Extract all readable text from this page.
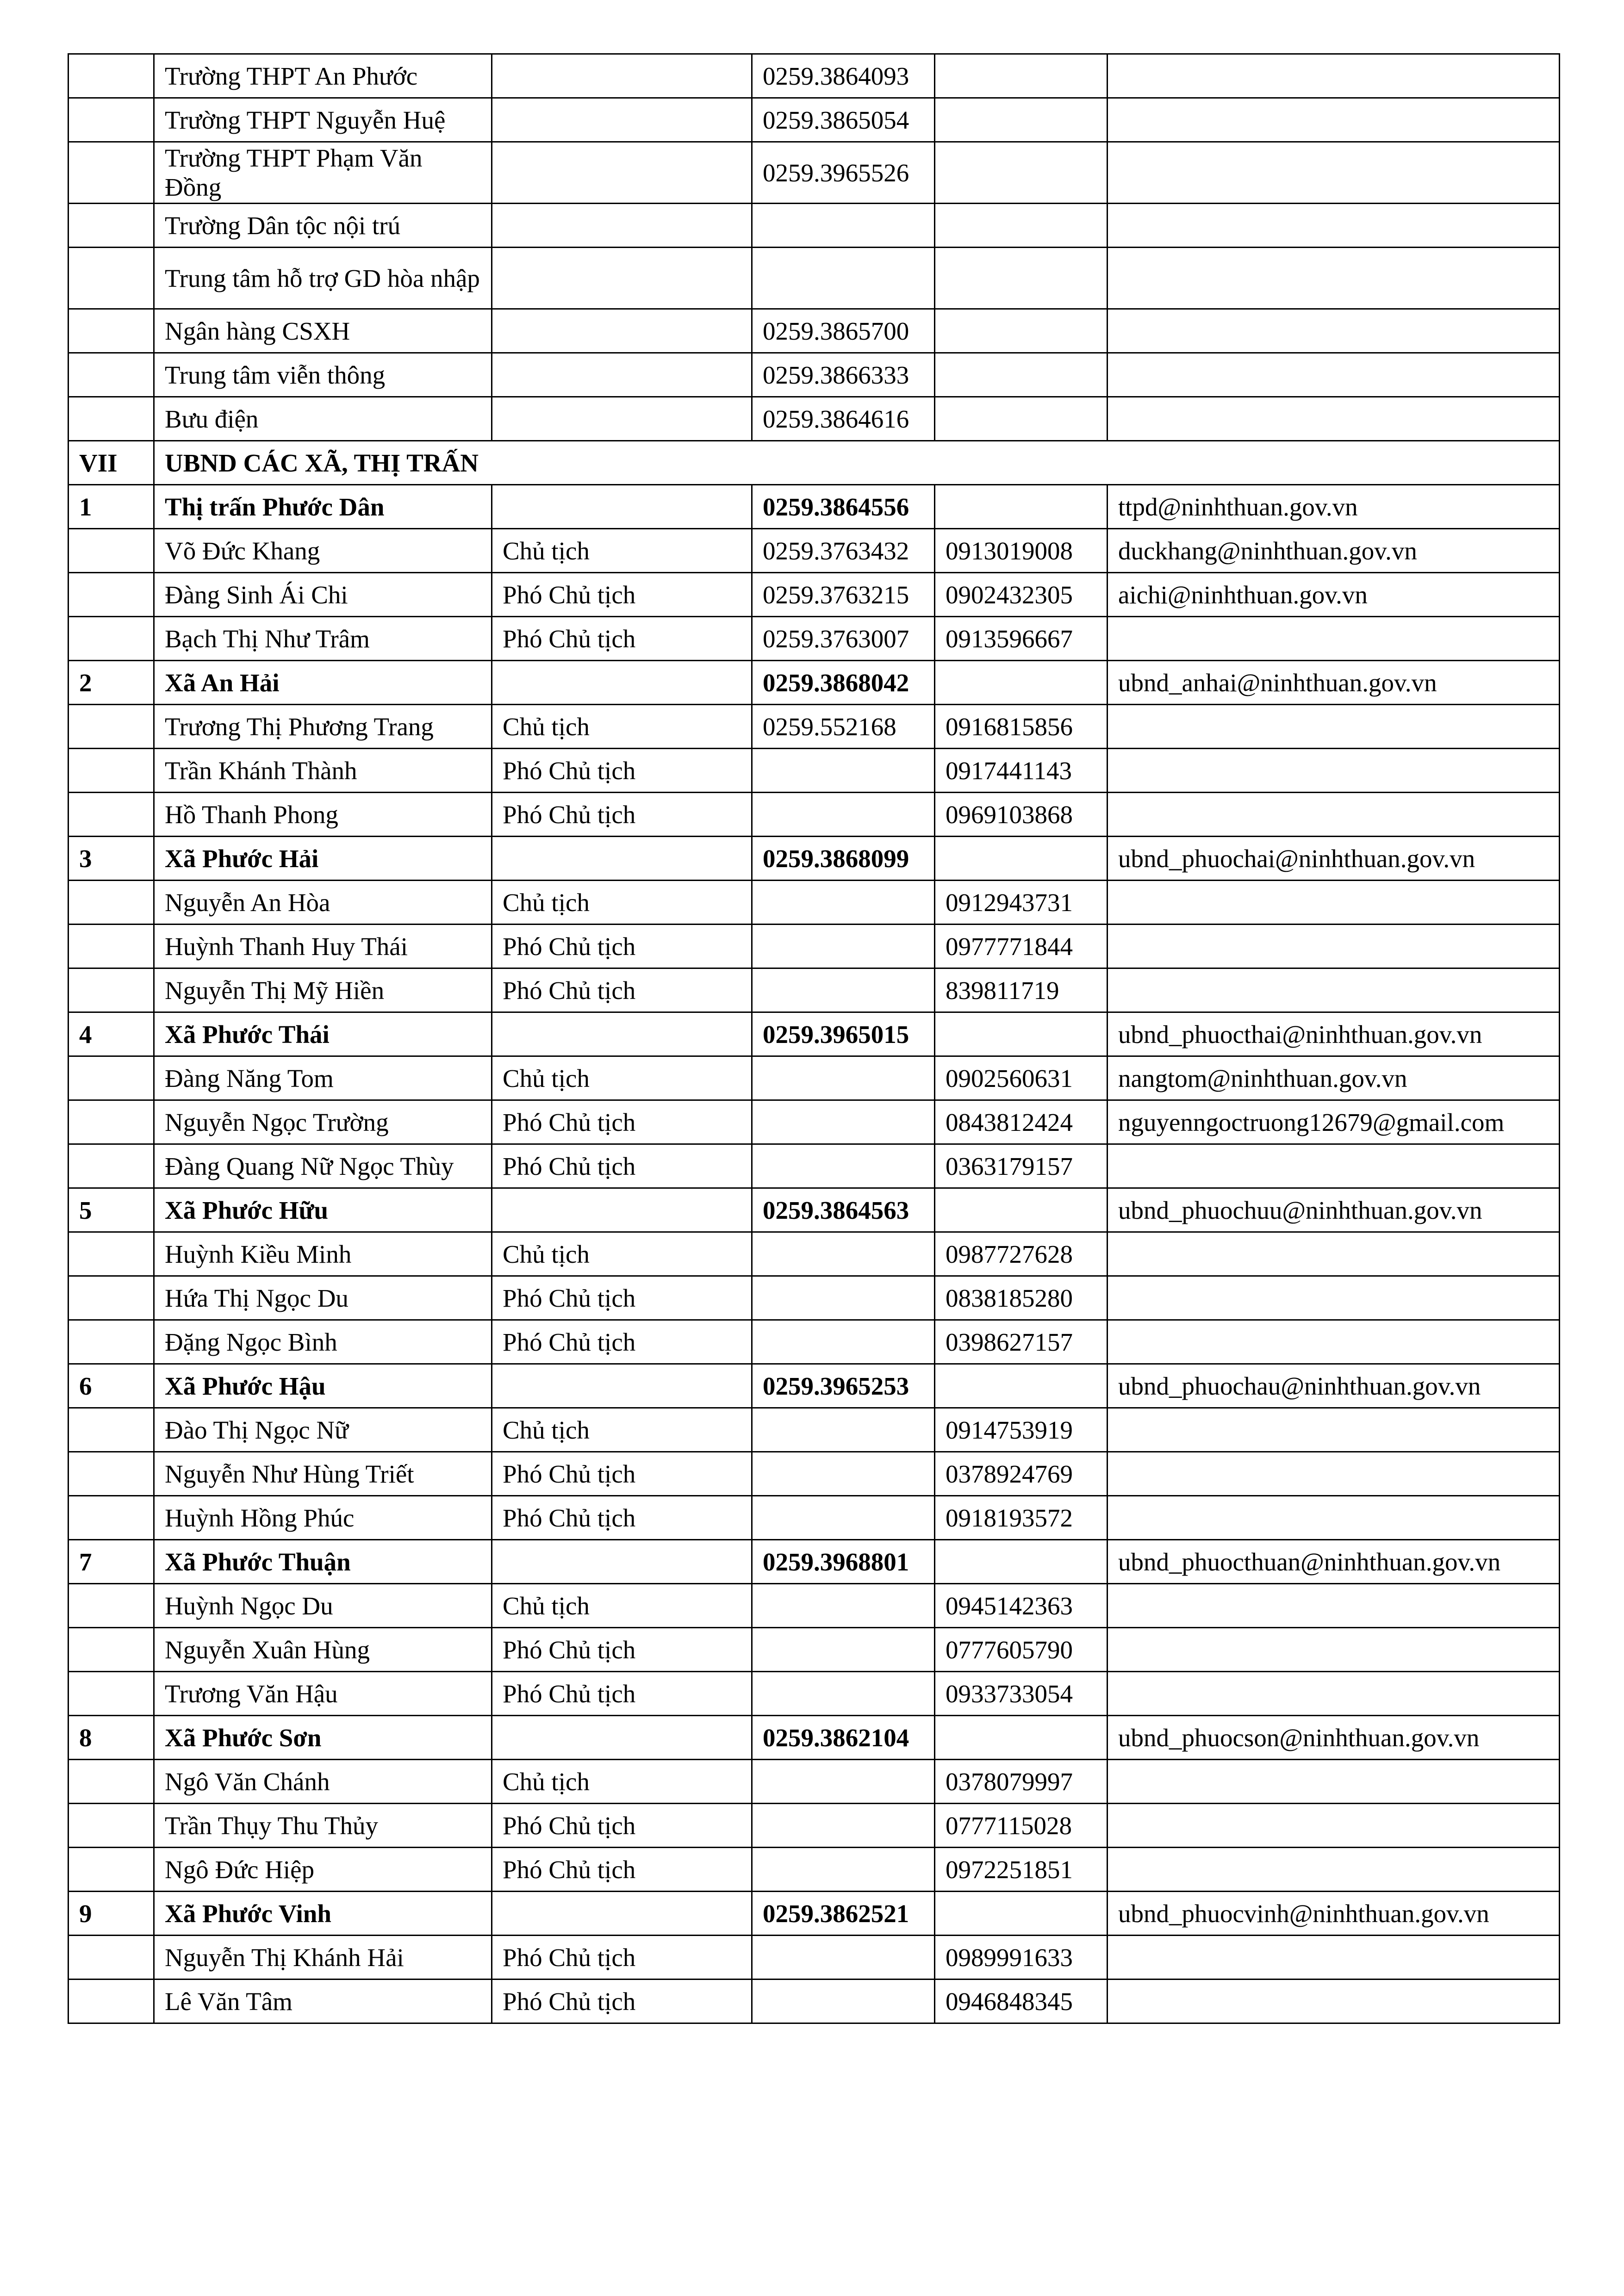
	Trường THPT An Phước		0259.3864093		
	Trường THPT Nguyễn Huệ		0259.3865054		
	Trường THPT Phạm Văn Đồng		0259.3965526		
	Trường Dân tộc nội trú				
	Trung tâm hỗ trợ GD hòa nhập				
	Ngân hàng CSXH		0259.3865700		
	Trung tâm viễn thông		0259.3866333		
	Bưu điện		0259.3864616		
VII	UBND CÁC XÃ, THỊ TRẤN				
1	Thị trấn Phước Dân		0259.3864556		ttpd@ninhthuan.gov.vn
	Võ Đức Khang	Chủ tịch	0259.3763432	0913019008	duckhang@ninhthuan.gov.vn
	Đàng Sinh Ái Chi	Phó Chủ tịch	0259.3763215	0902432305	aichi@ninhthuan.gov.vn
	Bạch Thị Như Trâm	Phó Chủ tịch	0259.3763007	0913596667	
2	Xã An Hải		0259.3868042		ubnd_anhai@ninhthuan.gov.vn
	Trương Thị Phương Trang	Chủ tịch	0259.552168	0916815856	
	Trần Khánh Thành	Phó Chủ tịch		0917441143	
	Hồ Thanh Phong	Phó Chủ tịch		0969103868	
3	Xã Phước Hải		0259.3868099		ubnd_phuochai@ninhthuan.gov.vn
	Nguyễn An Hòa	Chủ tịch		0912943731	
	Huỳnh Thanh Huy Thái	Phó Chủ tịch		0977771844	
	Nguyễn Thị Mỹ Hiền	Phó Chủ tịch		839811719	
4	Xã Phước Thái		0259.3965015		ubnd_phuocthai@ninhthuan.gov.vn
	Đàng Năng Tom	Chủ tịch		0902560631	nangtom@ninhthuan.gov.vn
	Nguyễn Ngọc Trường	Phó Chủ tịch		0843812424	nguyenngoctruong12679@gmail.com
	Đàng Quang Nữ Ngọc Thùy	Phó Chủ tịch		0363179157	
5	Xã Phước Hữu		0259.3864563		ubnd_phuochuu@ninhthuan.gov.vn
	Huỳnh Kiều Minh	Chủ tịch		0987727628	
	Hứa Thị Ngọc Du	Phó Chủ tịch		0838185280	
	Đặng Ngọc Bình	Phó Chủ tịch		0398627157	
6	Xã Phước Hậu		0259.3965253		ubnd_phuochau@ninhthuan.gov.vn
	Đào Thị Ngọc Nữ	Chủ tịch		0914753919	
	Nguyễn Như Hùng Triết	Phó Chủ tịch		0378924769	
	Huỳnh Hồng Phúc	Phó Chủ tịch		0918193572	
7	Xã Phước Thuận		0259.3968801		ubnd_phuocthuan@ninhthuan.gov.vn
	Huỳnh Ngọc Du	Chủ tịch		0945142363	
	Nguyễn Xuân Hùng	Phó Chủ tịch		0777605790	
	Trương Văn Hậu	Phó Chủ tịch		0933733054	
8	Xã Phước Sơn		0259.3862104		ubnd_phuocson@ninhthuan.gov.vn
	Ngô Văn Chánh	Chủ tịch		0378079997	
	Trần Thụy Thu Thủy	Phó Chủ tịch		0777115028	
	Ngô Đức Hiệp	Phó Chủ tịch		0972251851	
9	Xã Phước Vinh		0259.3862521		ubnd_phuocvinh@ninhthuan.gov.vn
	Nguyễn Thị Khánh Hải	Phó Chủ tịch		0989991633	
	Lê Văn Tâm	Phó Chủ tịch		0946848345	
